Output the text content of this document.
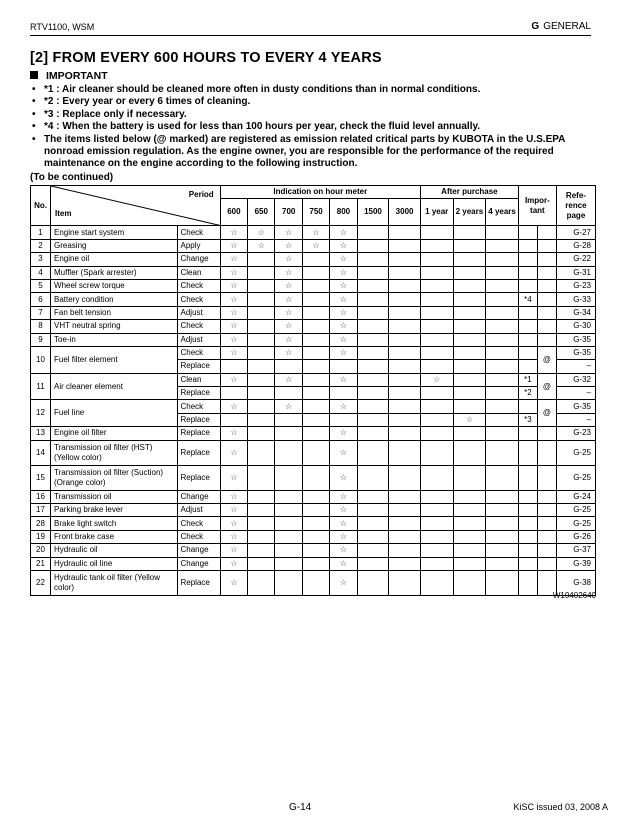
RTV1100, WSM	G GENERAL
[2] FROM EVERY 600 HOURS TO EVERY 4 YEARS
IMPORTANT
• *1 : Air cleaner should be cleaned more often in dusty conditions than in normal conditions.
• *2 : Every year or every 6 times of cleaning.
• *3 : Replace only if necessary.
• *4 : When the battery is used for less than 100 hours per year, check the fluid level annually.
• The items listed below (@ marked) are registered as emission related critical parts by KUBOTA in the U.S.EPA nonroad emission regulation. As the engine owner, you are responsible for the performance of the required maintenance on the engine according to the following instruction.
(To be continued)
No.	Period
Item		Indication on hour meter							After purchase			Impor-tant		Refe-rence page
			600	650	700	750	800	1500	3000	1 year	2 years	4 years			
1	Engine start system	Check	☆	☆	☆	☆	☆								G-27
2	Greasing	Apply	☆	☆	☆	☆	☆								G-28
3	Engine oil	Change	☆		☆		☆								G-22
4	Muffler (Spark arrester)	Clean	☆		☆		☆								G-31
5	Wheel screw torque	Check	☆		☆		☆								G-23
6	Battery condition	Check	☆		☆		☆						*4		G-33
7	Fan belt tension	Adjust	☆		☆		☆								G-34
8	VHT neutral spring	Check	☆		☆		☆								G-30
9	Toe-in	Adjust	☆		☆		☆								G-35
10	Fuel filter element	Check	☆		☆		☆							@	G-35
		Replace													–
11	Air cleaner element	Clean	☆		☆		☆			☆			*1	@	G-32
		Replace											*2		–
12	Fuel line	Check	☆		☆		☆							@	G-35
		Replace									☆		*3		–
13	Engine oil filter	Replace	☆				☆								G-23
14	Transmission oil filter (HST) (Yellow color)	Replace	☆				☆								G-25
15	Transmission oil filter (Suction) (Orange color)	Replace	☆				☆								G-25
16	Transmission oil	Change	☆				☆								G-24
17	Parking brake lever	Adjust	☆				☆								G-25
28	Brake light switch	Check	☆				☆								G-25
19	Front brake case	Check	☆				☆								G-26
20	Hydraulic oil	Change	☆				☆								G-37
21	Hydraulic oil line	Change	☆				☆								G-39
22	Hydraulic tank oil filter (Yellow color)	Replace	☆				☆								G-38
W10402640
G-14	KiSC issued 03, 2008 A
